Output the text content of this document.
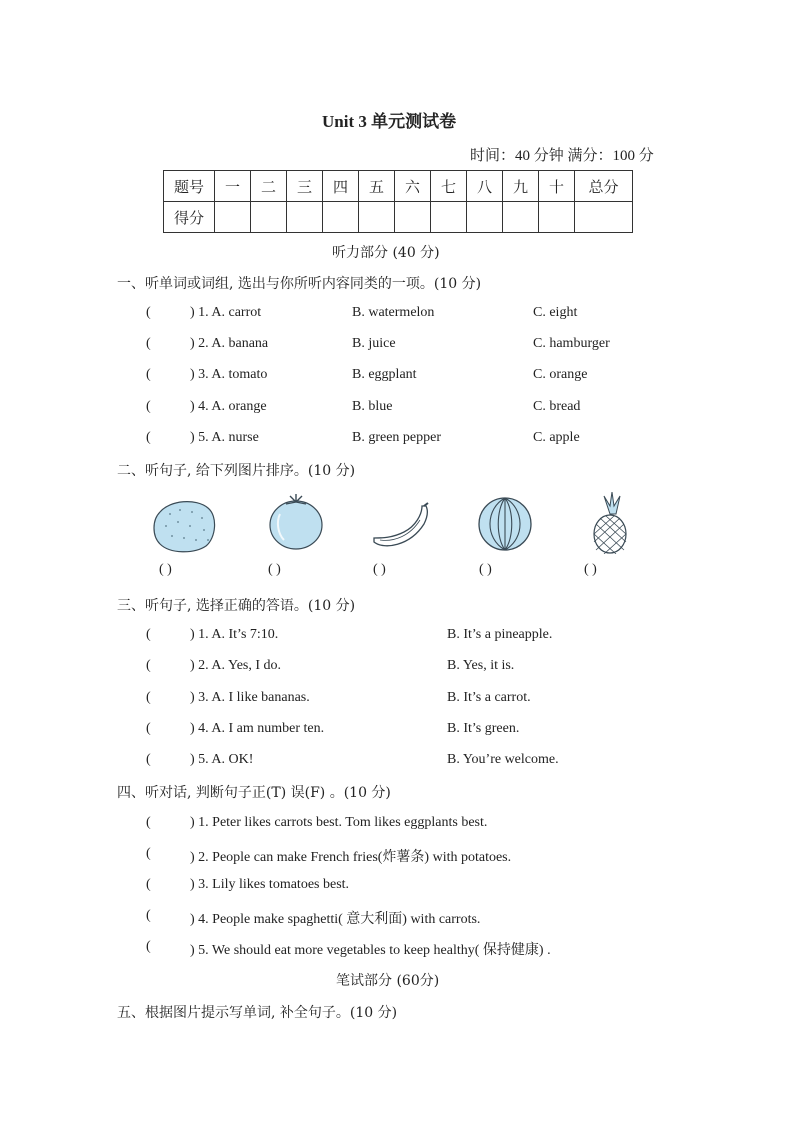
Unit 3 单元测试卷
时间：40 分钟 满分：100 分
题号	一	二	三	四	五	六	七	八	九	十	总分
得分											
听力部分 (40 分)
一、听单词或词组, 选出与你所听内容同类的一项。(10 分)
(	) 1. A. carrot	B. watermelon	C. eight
(	) 2. A. banana	B. juice	C. hamburger
(	) 3. A. tomato	B. eggplant	C. orange
(	) 4. A. orange	B. blue	C. bread
(	) 5. A. nurse	B. green pepper	C. apple
二、听句子, 给下列图片排序。(10 分)
( )	( )	( )	( )	( )
三、听句子, 选择正确的答语。(10 分)
(	) 1. A. It’s 7:10.	B. It’s a pineapple.
(	) 2. A. Yes, I do.	B. Yes, it is.
(	) 3. A. I like bananas.	B. It’s a carrot.
(	) 4. A. I am number ten.	B. It’s green.
(	) 5. A. OK!	B. You’re welcome.
四、听对话, 判断句子正(T) 误(F) 。(10 分)
(	) 1. Peter likes carrots best. Tom likes eggplants best.
(	) 2. People can make French fries(炸薯条) with potatoes.
(	) 3. Lily likes tomatoes best.
(	) 4. People make spaghetti( 意大利面) with carrots.
(	) 5. We should eat more vegetables to keep healthy( 保持健康) .
笔试部分 (60分)
五、根据图片提示写单词, 补全句子。(10 分)
